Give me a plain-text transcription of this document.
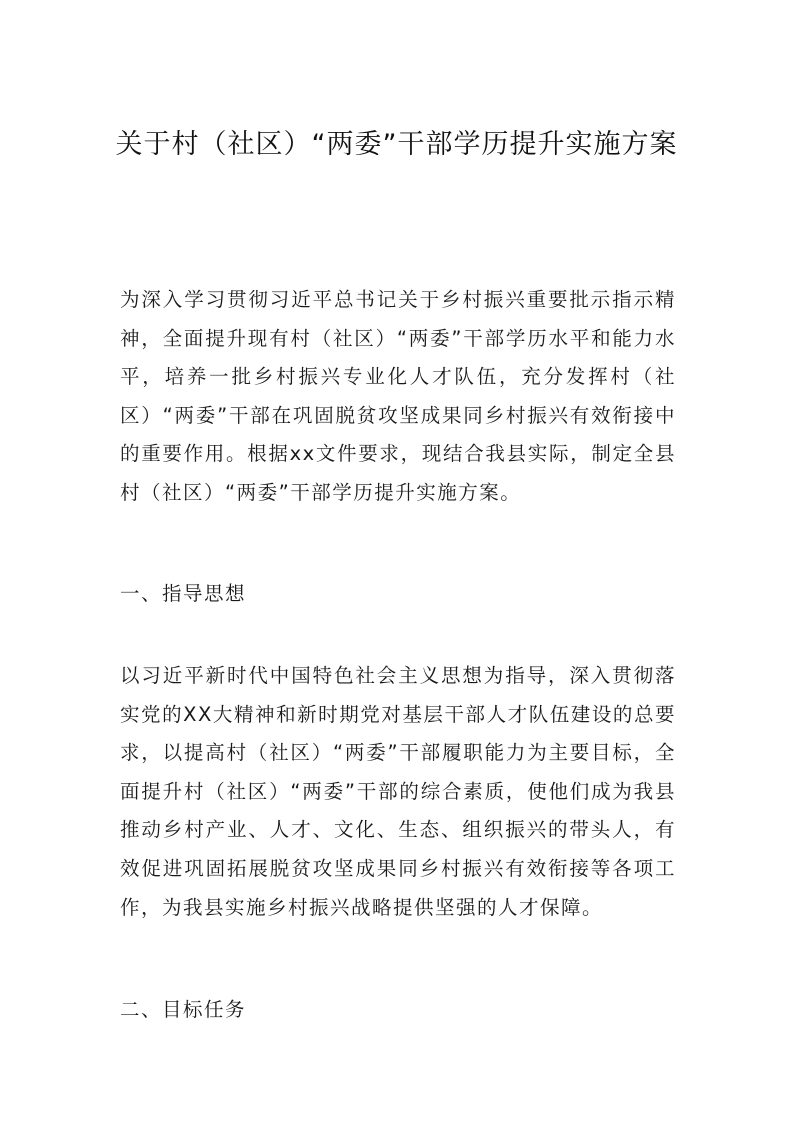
关于村（社区）“两委”干部学历提升实施方案

为深入学习贯彻习近平总书记关于乡村振兴重要批示指示精神，全面提升现有村（社区）“两委”干部学历水平和能力水平，培养一批乡村振兴专业化人才队伍，充分发挥村（社区）“两委”干部在巩固脱贫攻坚成果同乡村振兴有效衔接中的重要作用。根据xx文件要求，现结合我县实际，制定全县村（社区）“两委”干部学历提升实施方案。

一、指导思想

以习近平新时代中国特色社会主义思想为指导，深入贯彻落实党的XX大精神和新时期党对基层干部人才队伍建设的总要求，以提高村（社区）“两委”干部履职能力为主要目标，全面提升村（社区）“两委”干部的综合素质，使他们成为我县推动乡村产业、人才、文化、生态、组织振兴的带头人，有效促进巩固拓展脱贫攻坚成果同乡村振兴有效衔接等各项工作，为我县实施乡村振兴战略提供坚强的人才保障。

二、目标任务
